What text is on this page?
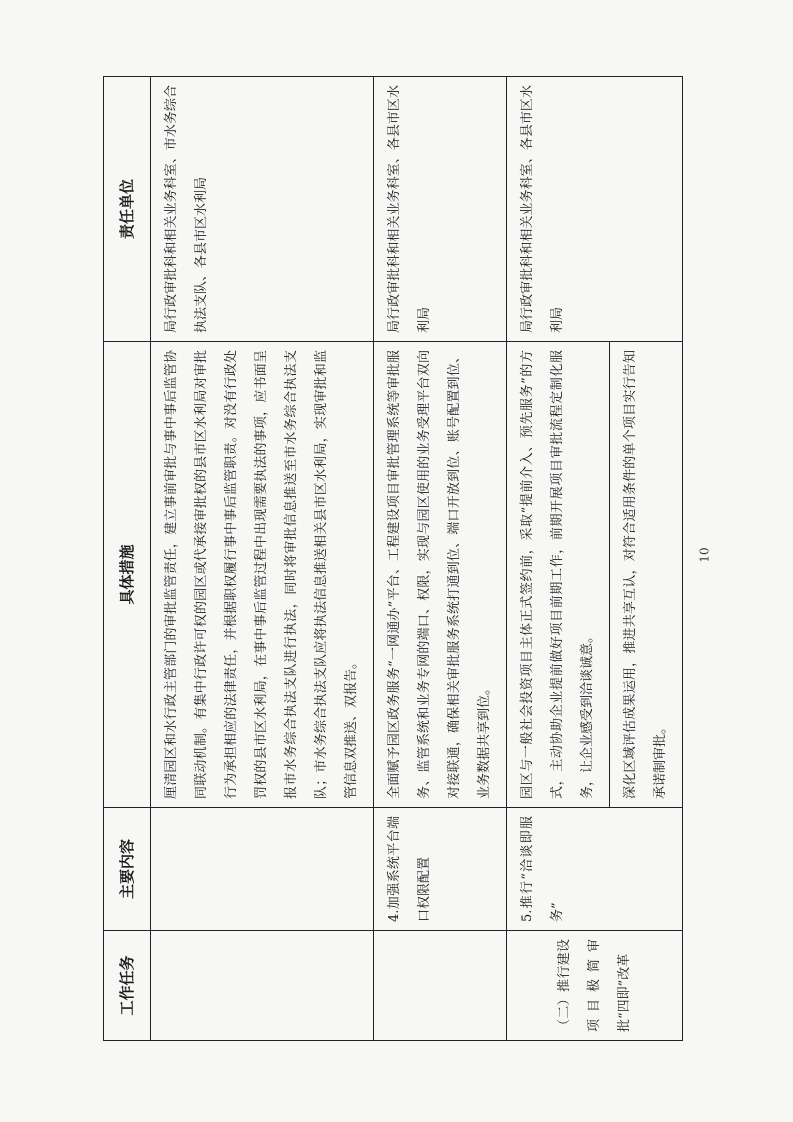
工作任务	主要内容	具体措施	责任单位
		厘清园区和水行政主管部门的审批监管责任，建立事前审批与事中事后监管协同联动机制。有集中行政许可权的园区或代承接审批权的县市区水利局对审批行为承担相应的法律责任，并根据职权履行事中事后监管职责。对没有行政处罚权的县市区水利局，在事中事后监管过程中出现需要执法的事项，应书面呈报市水务综合执法支队进行执法，同时将审批信息推送至市水务综合执法支队；市水务综合执法支队应将执法信息推送相关县市区水利局，实现审批和监管信息双推送、双报告。	局行政审批科和相关业务科室、市水务综合执法支队、各县市区水利局
	4.加强系统平台端口权限配置	全面赋予园区政务服务“一网通办”平台、工程建设项目审批管理系统等审批服务、监管系统和业务专网的端口、权限，实现与园区使用的业务受理平台双向对接联通，确保相关审批服务系统打通到位、端口开放到位、账号配置到位、业务数据共享到位。	局行政审批科和相关业务科室、各县市区水利局
（二）推行建设项目极简审批“四即”改革	5.推行“洽谈即服务”	园区与一般社会投资项目主体正式签约前，采取“提前介入、预先服务”的方式，主动协助企业提前做好项目前期工作，前期开展项目审批流程定制化服务，让企业感受到洽谈诚意。	局行政审批科和相关业务科室、各县市区水利局
		深化区域评估成果运用，推进共享互认，对符合适用条件的单个项目实行告知承诺制审批。	
10
